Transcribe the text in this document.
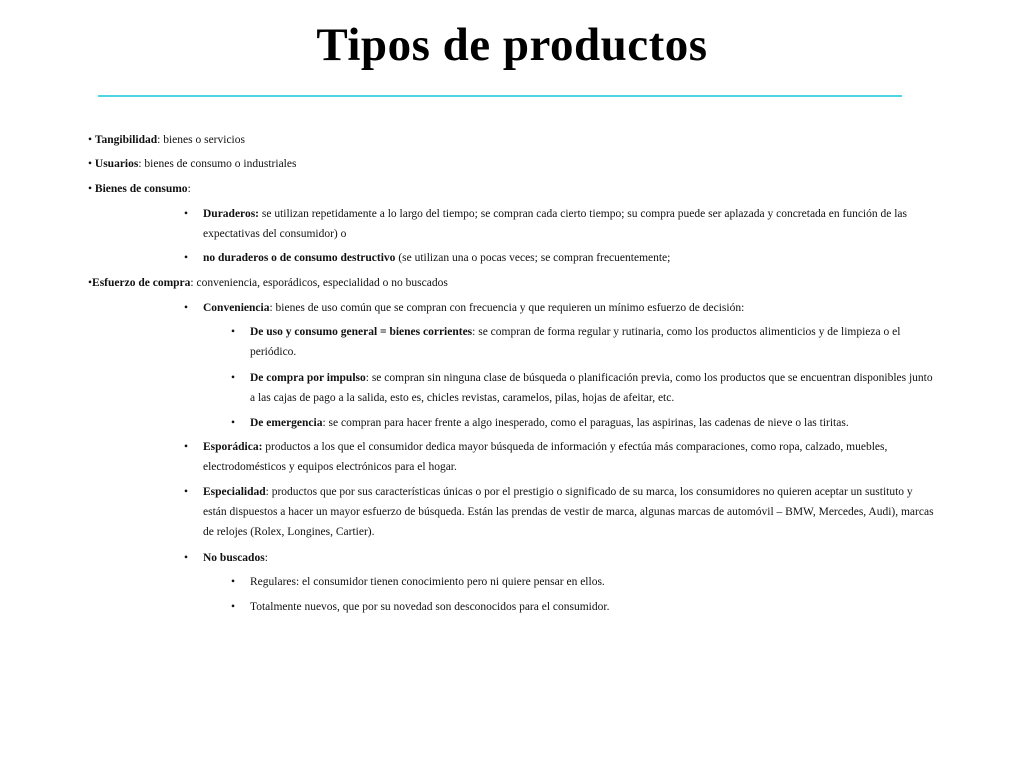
Tipos de productos
• Tangibilidad: bienes o servicios
• Usuarios: bienes de consumo o industriales
• Bienes de consumo:
• Duraderos: se utilizan repetidamente a lo largo del tiempo; se compran cada cierto tiempo; su compra puede ser aplazada y concretada en función de las expectativas del consumidor) o
• no duraderos o de consumo destructivo (se utilizan una o pocas veces; se compran frecuentemente;
•Esfuerzo de compra: conveniencia, esporádicos, especialidad o no buscados
• Conveniencia: bienes de uso común que se compran con frecuencia y que requieren un mínimo esfuerzo de decisión:
• De uso y consumo general = bienes corrientes: se compran de forma regular y rutinaria, como los productos alimenticios y de limpieza o el periódico.
• De compra por impulso: se compran sin ninguna clase de búsqueda o planificación previa, como los productos que se encuentran disponibles junto a las cajas de pago a la salida, esto es, chicles revistas, caramelos, pilas, hojas de afeitar, etc.
• De emergencia: se compran para hacer frente a algo inesperado, como el paraguas, las aspirinas, las cadenas de nieve o las tiritas.
• Esporádica: productos a los que el consumidor dedica mayor búsqueda de información y efectúa más comparaciones, como ropa, calzado, muebles, electrodomésticos y equipos electrónicos para el hogar.
• Especialidad: productos que por sus características únicas o por el prestigio o significado de su marca, los consumidores no quieren aceptar un sustituto y están dispuestos a hacer un mayor esfuerzo de búsqueda. Están las prendas de vestir de marca, algunas marcas de automóvil – BMW, Mercedes, Audi), marcas de relojes (Rolex, Longines, Cartier).
• No buscados:
• Regulares: el consumidor tienen conocimiento pero ni quiere pensar en ellos.
• Totalmente nuevos, que por su novedad son desconocidos para el consumidor.
